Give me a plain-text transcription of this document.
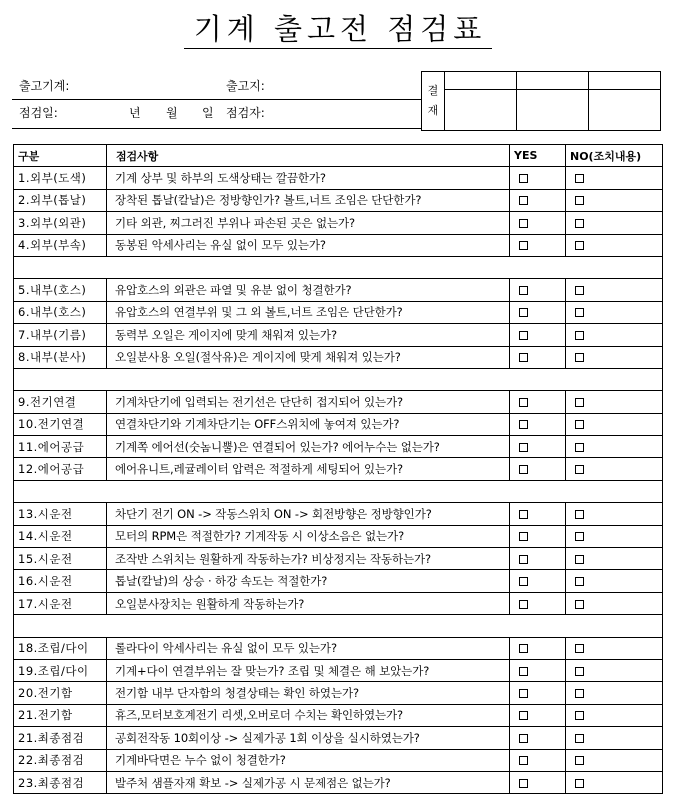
기계 출고전 점검표
출고기계:	출고지:
점검일:	년 월 일 점검자:
결
재			

구분	점검사항	YES	NO(조치내용)
1.외부(도색)	기계 상부 및 하부의 도색상태는 깔끔한가?		
2.외부(톱날)	장착된 톱날(칼날)은 정방향인가? 볼트,너트 조임은 단단한가?		
3.외부(외관)	기타 외관, 찌그러진 부위나 파손된 곳은 없는가?		
4.외부(부속)	동봉된 악세사리는 유실 없이 모두 있는가?		

5.내부(호스)	유압호스의 외관은 파열 및 유분 없이 청결한가?		
6.내부(호스)	유압호스의 연결부위 및 그 외 볼트,너트 조임은 단단한가?		
7.내부(기름)	동력부 오일은 게이지에 맞게 채워져 있는가?		
8.내부(분사)	오일분사용 오일(절삭유)은 게이지에 맞게 채워져 있는가?		

9.전기연결	기계차단기에 입력되는 전기선은 단단히 접지되어 있는가?		
10.전기연결	연결차단기와 기계차단기는 OFF스위치에 놓여져 있는가?		
11.에어공급	기계쪽 에어선(숫놈니뿔)은 연결되어 있는가? 에어누수는 없는가?		
12.에어공급	에어유니트,레귤레이터 압력은 적절하게 세팅되어 있는가?		

13.시운전	차단기 전기 ON -> 작동스위치 ON -> 회전방향은 정방향인가?		
14.시운전	모터의 RPM은 적절한가? 기계작동 시 이상소음은 없는가?		
15.시운전	조작반 스위치는 원활하게 작동하는가? 비상정지는 작동하는가?		
16.시운전	톱날(칼날)의 상승 · 하강 속도는 적절한가?		
17.시운전	오일분사장치는 원활하게 작동하는가?		

18.조립/다이	롤라다이 악세사리는 유실 없이 모두 있는가?		
19.조립/다이	기계+다이 연결부위는 잘 맞는가? 조립 및 체결은 해 보았는가?		
20.전기함	전기함 내부 단자함의 청결상태는 확인 하였는가?		
21.전기함	휴즈,모터보호계전기 리셋,오버로더 수치는 확인하였는가?		
21.최종점검	공회전작동 10회이상 -> 실제가공 1회 이상을 실시하였는가?		
22.최종점검	기계바닥면은 누수 없이 청결한가?		
23.최종점검	발주처 샘플자재 확보 -> 실제가공 시 문제점은 없는가?		
